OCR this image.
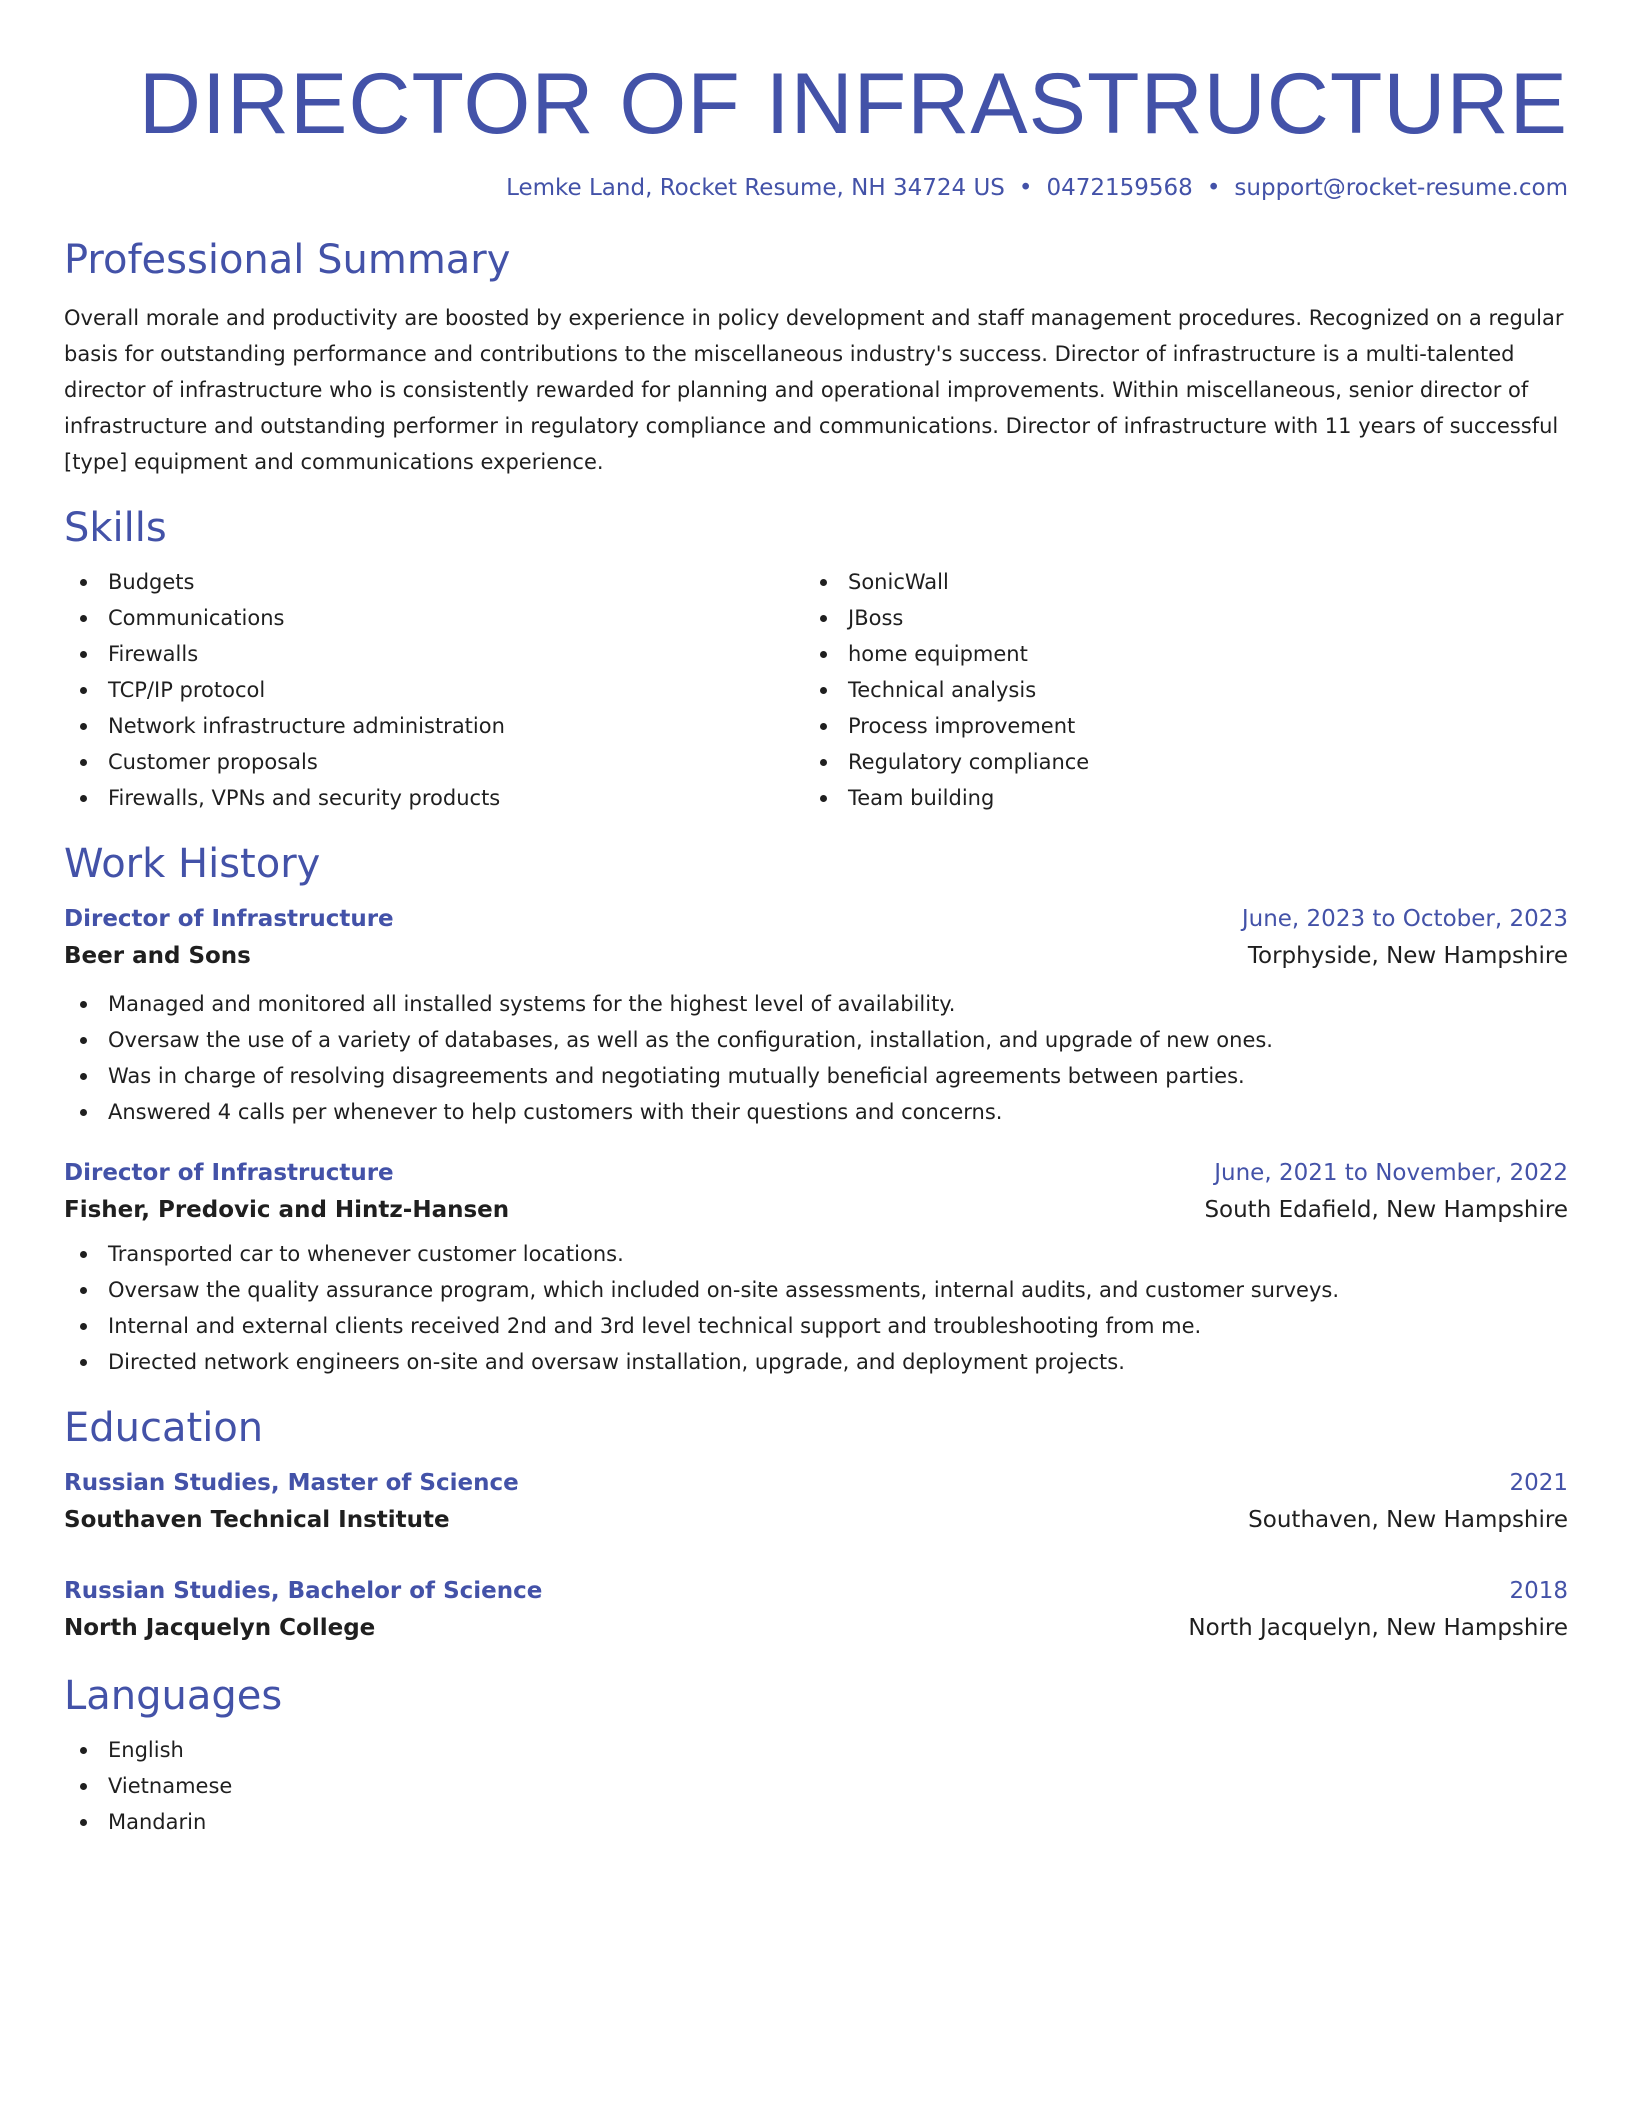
DIRECTOR OF INFRASTRUCTURE
Lemke Land, Rocket Resume, NH 34724 US • 0472159568 • support@rocket-resume.com
Professional Summary

Overall morale and productivity are boosted by experience in policy development and staff management procedures. Recognized on a regular basis for outstanding performance and contributions to the miscellaneous industry's success. Director of infrastructure is a multi-talented director of infrastructure who is consistently rewarded for planning and operational improvements. Within miscellaneous, senior director of infrastructure and outstanding performer in regulatory compliance and communications. Director of infrastructure with 11 years of successful [type] equipment and communications experience.

Skills
Budgets
Communications
Firewalls
TCP/IP protocol
Network infrastructure administration
Customer proposals
Firewalls, VPNs and security products
SonicWall
JBoss
home equipment
Technical analysis
Process improvement
Regulatory compliance
Team building
Work History
Director of Infrastructure	June, 2023 to October, 2023
Beer and Sons	Torphyside, New Hampshire
Managed and monitored all installed systems for the highest level of availability.
Oversaw the use of a variety of databases, as well as the configuration, installation, and upgrade of new ones.
Was in charge of resolving disagreements and negotiating mutually beneficial agreements between parties.
Answered 4 calls per whenever to help customers with their questions and concerns.
Director of Infrastructure	June, 2021 to November, 2022
Fisher, Predovic and Hintz-Hansen	South Edafield, New Hampshire
Transported car to whenever customer locations.
Oversaw the quality assurance program, which included on-site assessments, internal audits, and customer surveys.
Internal and external clients received 2nd and 3rd level technical support and troubleshooting from me.
Directed network engineers on-site and oversaw installation, upgrade, and deployment projects.
Education
Russian Studies, Master of Science	2021
Southaven Technical Institute	Southaven, New Hampshire
Russian Studies, Bachelor of Science	2018
North Jacquelyn College	North Jacquelyn, New Hampshire
Languages
English
Vietnamese
Mandarin
